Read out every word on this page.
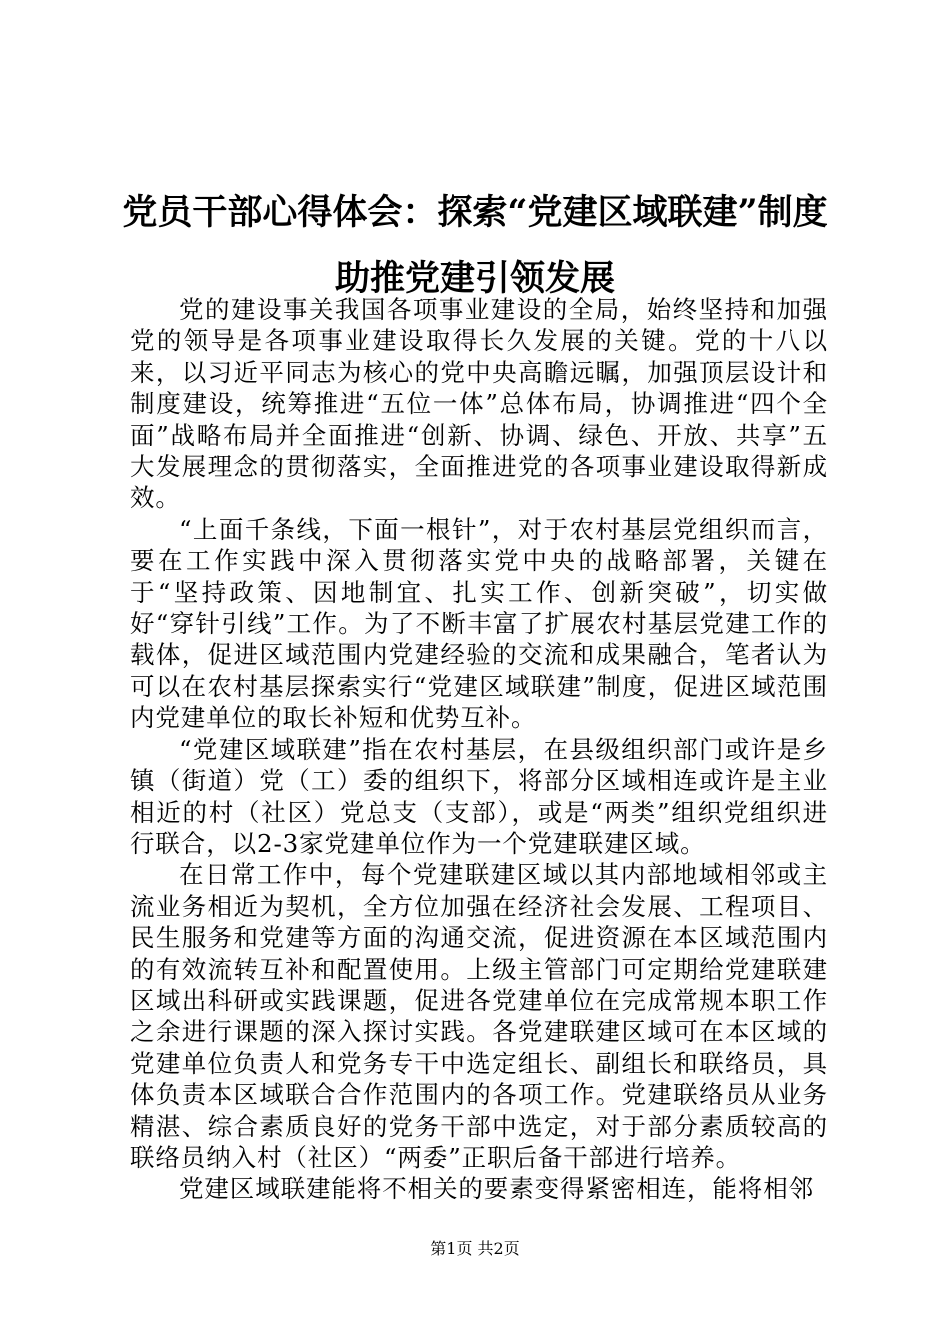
党员干部心得体会：探索“党建区域联建”制度助推党建引领发展

党的建设事关我国各项事业建设的全局，始终坚持和加强党的领导是各项事业建设取得长久发展的关键。党的十八以来，以习近平同志为核心的党中央高瞻远瞩，加强顶层设计和制度建设，统筹推进“五位一体”总体布局，协调推进“四个全面”战略布局并全面推进“创新、协调、绿色、开放、共享”五大发展理念的贯彻落实，全面推进党的各项事业建设取得新成效。

“上面千条线，下面一根针”，对于农村基层党组织而言，要在工作实践中深入贯彻落实党中央的战略部署，关键在于“坚持政策、因地制宜、扎实工作、创新突破”，切实做好“穿针引线”工作。为了不断丰富了扩展农村基层党建工作的载体，促进区域范围内党建经验的交流和成果融合，笔者认为可以在农村基层探索实行“党建区域联建”制度，促进区域范围内党建单位的取长补短和优势互补。

“党建区域联建”指在农村基层，在县级组织部门或许是乡镇（街道）党（工）委的组织下，将部分区域相连或许是主业相近的村（社区）党总支（支部），或是“两类”组织党组织进行联合，以2-3家党建单位作为一个党建联建区域。

在日常工作中，每个党建联建区域以其内部地域相邻或主流业务相近为契机，全方位加强在经济社会发展、工程项目、民生服务和党建等方面的沟通交流，促进资源在本区域范围内的有效流转互补和配置使用。上级主管部门可定期给党建联建区域出科研或实践课题，促进各党建单位在完成常规本职工作之余进行课题的深入探讨实践。各党建联建区域可在本区域的党建单位负责人和党务专干中选定组长、副组长和联络员，具体负责本区域联合合作范围内的各项工作。党建联络员从业务精湛、综合素质良好的党务干部中选定，对于部分素质较高的联络员纳入村（社区）“两委”正职后备干部进行培养。

党建区域联建能将不相关的要素变得紧密相连，能将相邻

第1页 共2页
